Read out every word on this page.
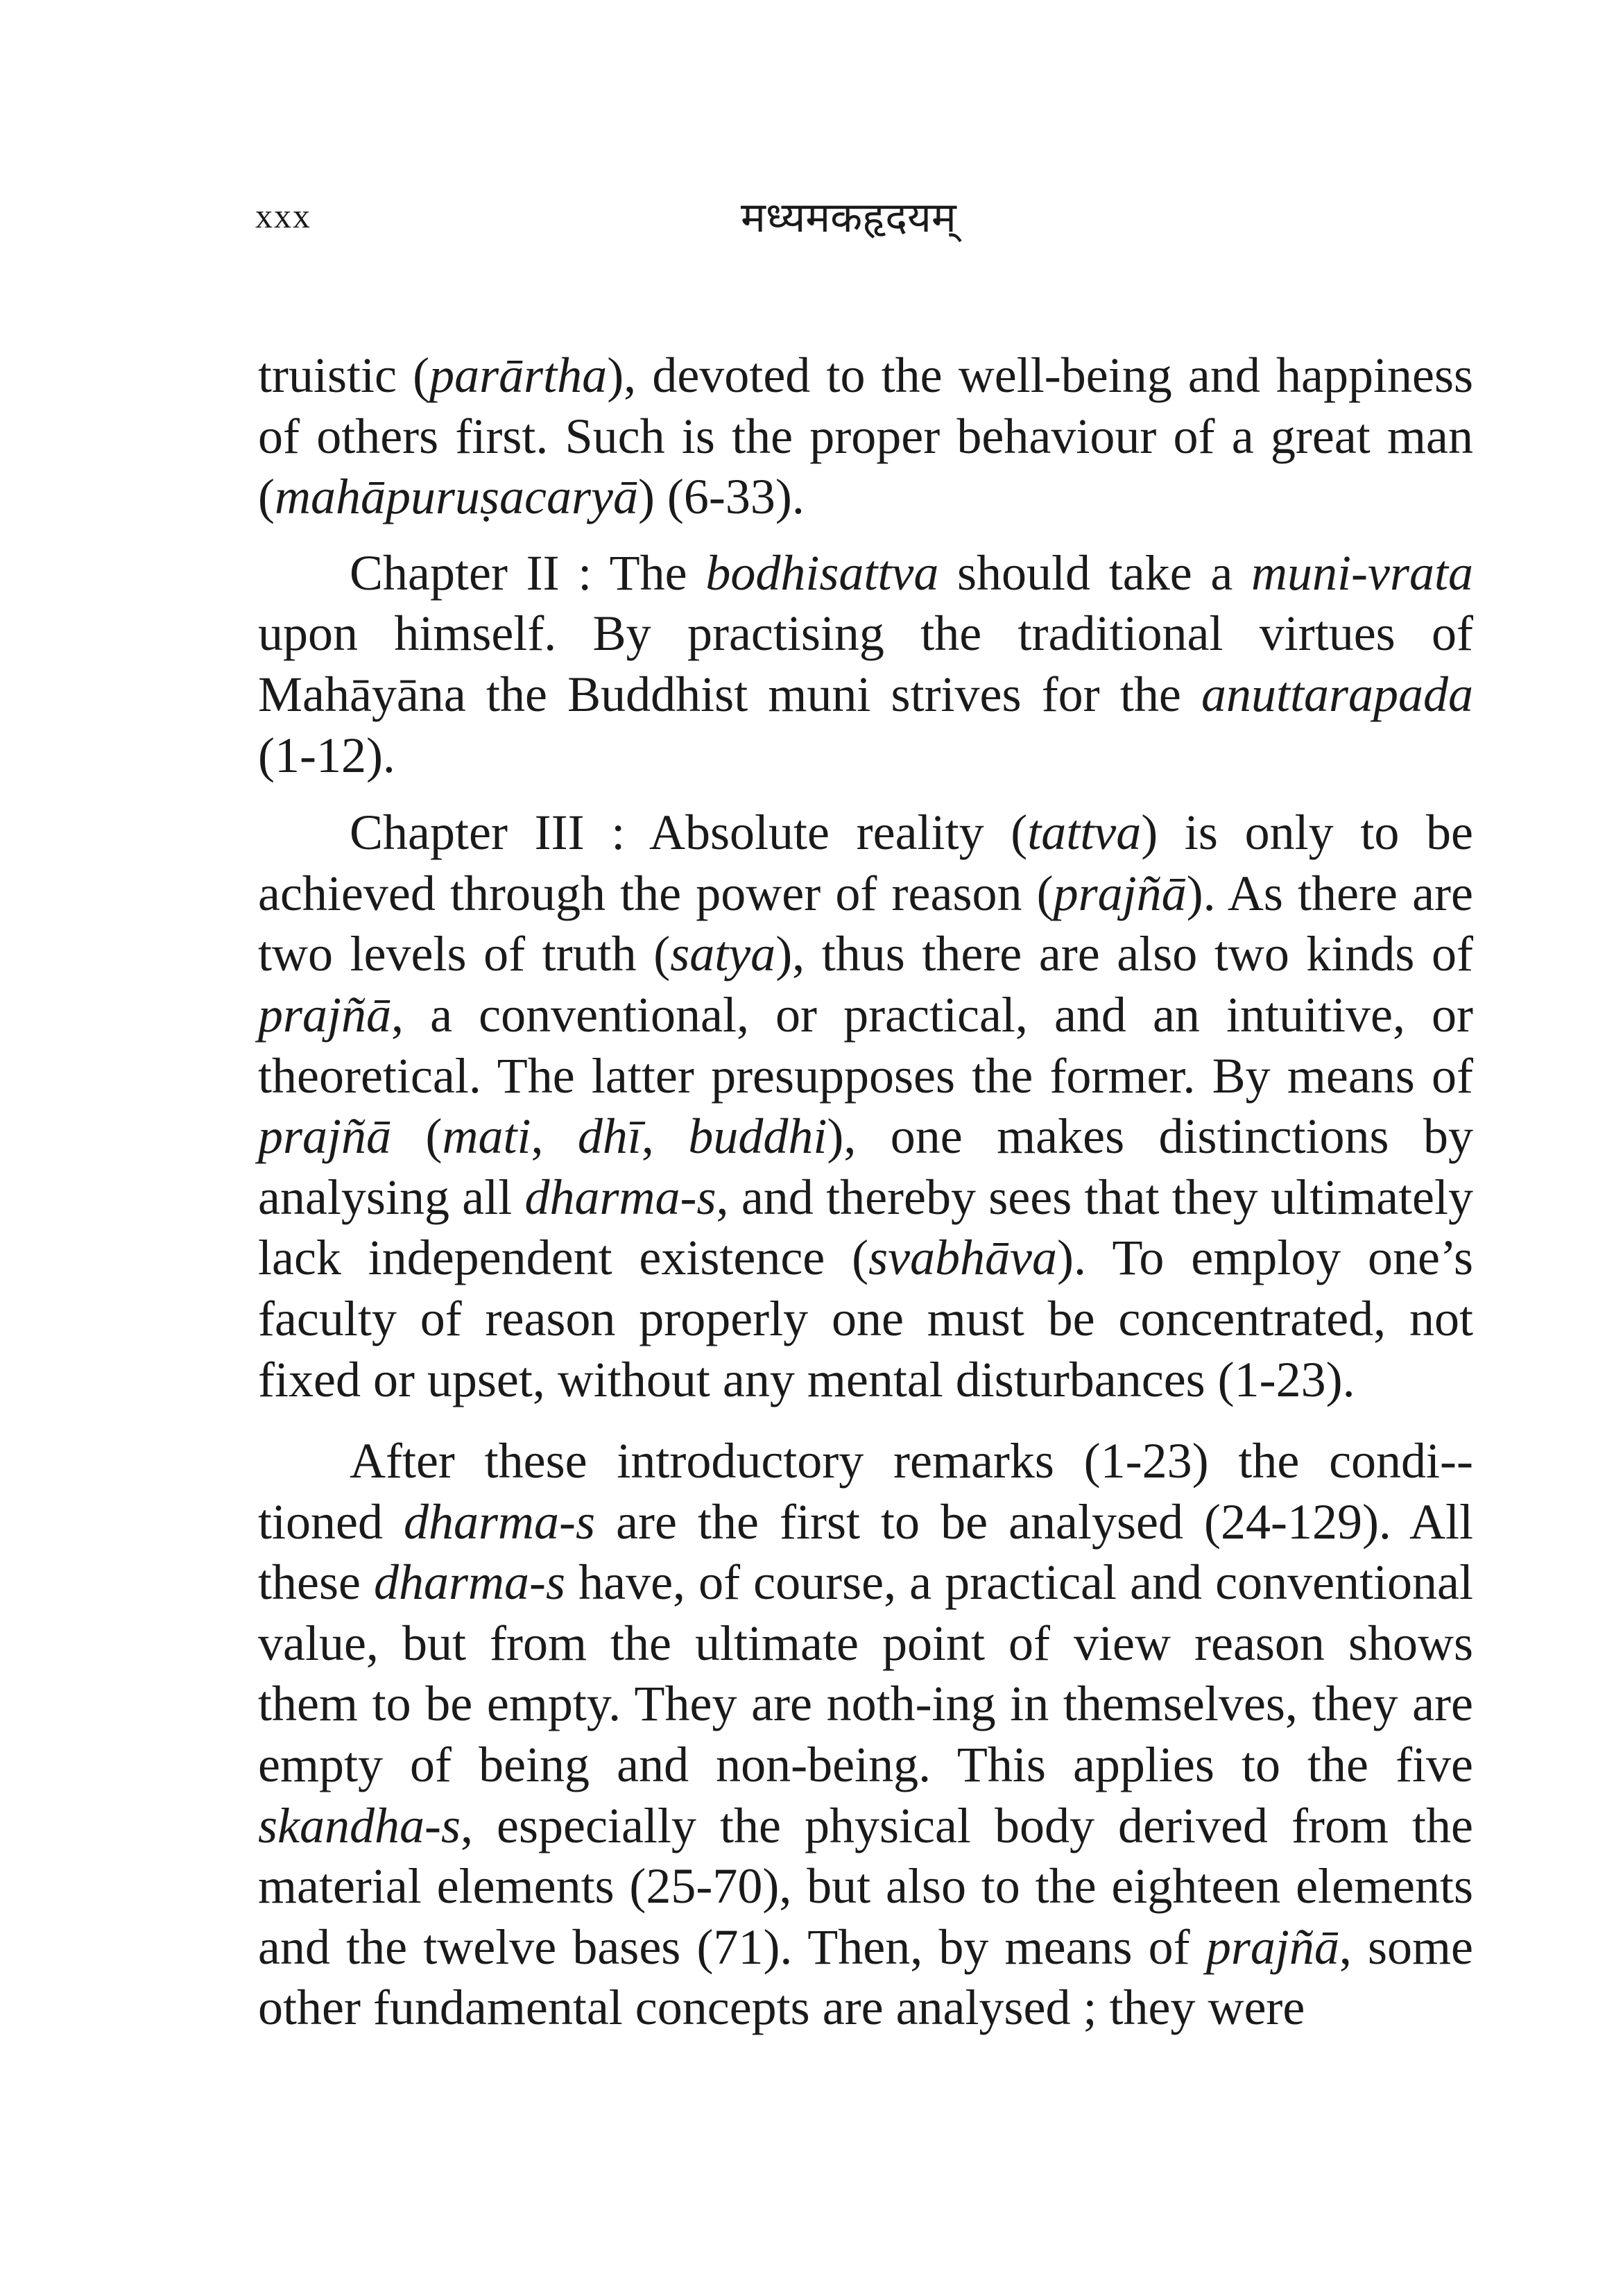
xxx	मध्यमकहृदयम्

truistic (parārtha), devoted to the well-being and happiness of others first. Such is the proper behaviour of a great man (mahāpuruṣacaryā) (6-33).

Chapter II : The bodhisattva should take a muni-vrata upon himself. By practising the traditional virtues of Mahāyāna the Buddhist muni strives for the anuttarapada (1-12).

Chapter III : Absolute reality (tattva) is only to be achieved through the power of reason (prajñā). As there are two levels of truth (satya), thus there are also two kinds of prajñā, a conventional, or practical, and an intuitive, or theoretical. The latter presupposes the former. By means of prajñā (mati, dhī, buddhi), one makes distinctions by analysing all dharma-s, and thereby sees that they ultimately lack independent existence (svabhāva). To employ one’s faculty of reason properly one must be concentrated, not fixed or upset, without any mental disturbances (1-23).

After these introductory remarks (1-23) the condi-tioned dharma-s are the first to be analysed (24-129). All these dharma-s have, of course, a practical and conventional value, but from the ultimate point of view reason shows them to be empty. They are noth-ing in themselves, they are empty of being and non-being. This applies to the five skandha-s, especially the physical body derived from the material elements (25-70), but also to the eighteen elements and the twelve bases (71). Then, by means of prajñā, some other fundamental concepts are analysed ; they were
